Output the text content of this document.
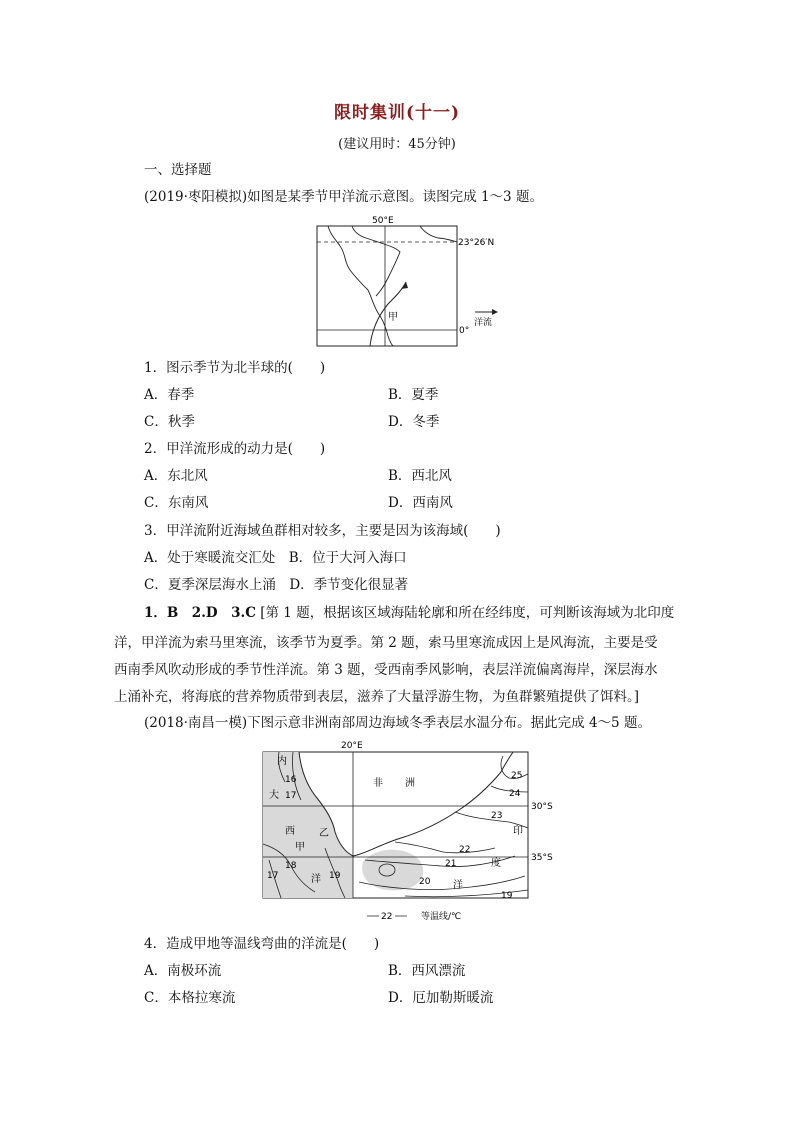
限时集训(十一)
(建议用时：45分钟)
一、选择题
(2019·枣阳模拟)如图是某季节甲洋流示意图。读图完成 1～3 题。
50°E
23°26′N
0°
甲	洋流
1．图示季节为北半球的(　　)
A．春季	B．夏季
C．秋季	D．冬季
2．甲洋流形成的动力是(　　)
A．东北风	B．西北风
C．东南风	D．西南风
3．甲洋流附近海域鱼群相对较多，主要是因为该海域(　　)
A．处于寒暖流交汇处　B．位于大河入海口
C．夏季深层海水上涌　D．季节变化很显著
1．B　2.D　3.C [第 1 题，根据该区域海陆轮廓和所在经纬度，可判断该海域为北印度
洋，甲洋流为索马里寒流，该季节为夏季。第 2 题，索马里寒流成因上是风海流，主要是受
西南季风吹动形成的季节性洋流。第 3 题，受西南季风影响，表层洋流偏离海岸，深层海水
上涌补充，将海底的营养物质带到表层，滋养了大量浮游生物，为鱼群繁殖提供了饵料。]
(2018·南昌一模)下图示意非洲南部周边海域冬季表层水温分布。据此完成 4～5 题。
20°E
30°S
35°S
非 洲
内
大
西
洋
甲
乙	印
度
洋
16
17
18
17	19
25
24
23
22
21
20
19
22	等温线/℃
4．造成甲地等温线弯曲的洋流是(　　)
A．南极环流	B．西风漂流
C．本格拉寒流	D．厄加勒斯暖流
